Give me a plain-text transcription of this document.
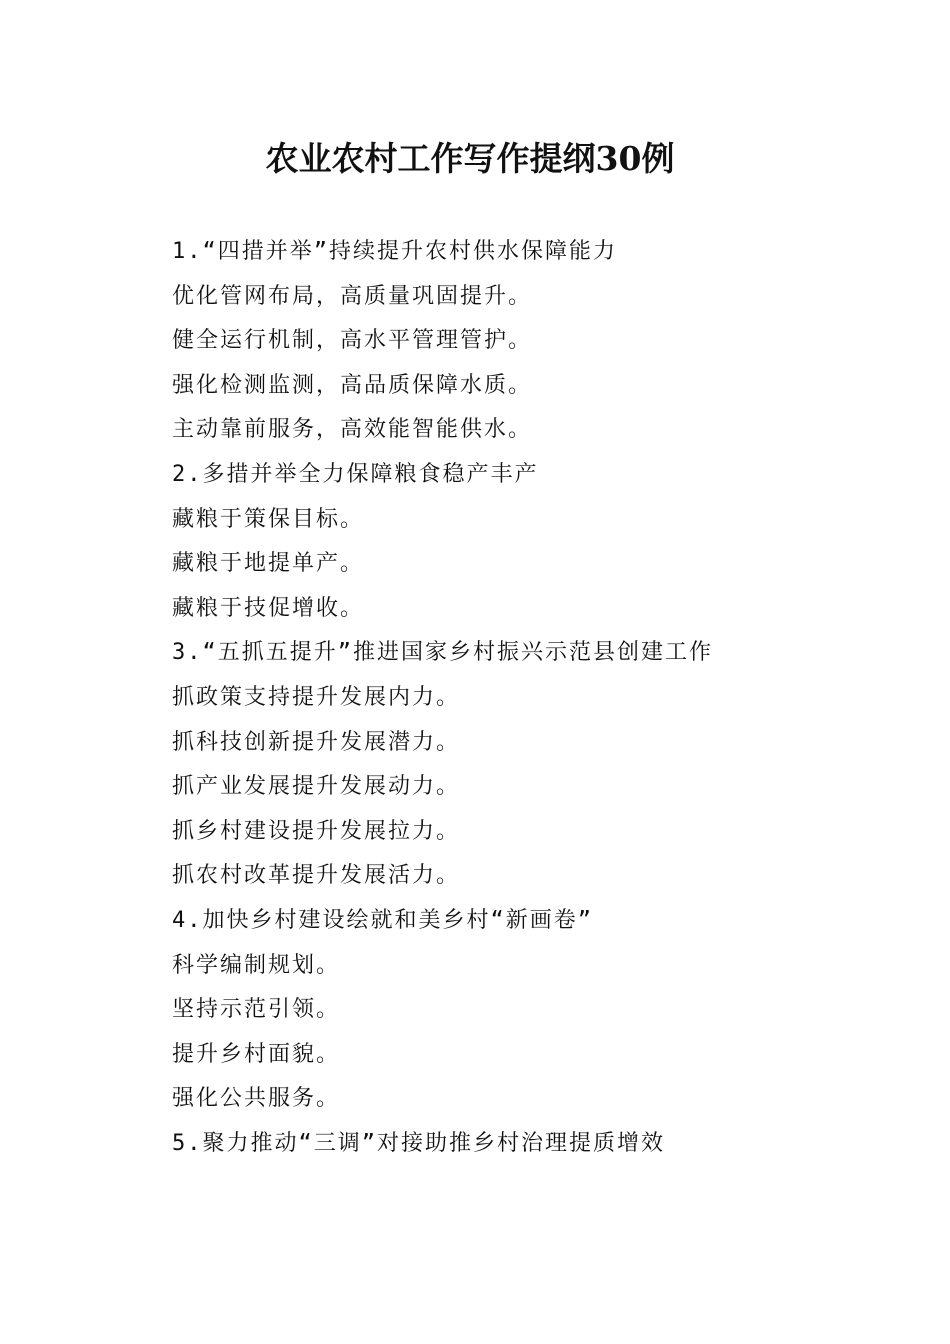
农业农村工作写作提纲30例
1.“四措并举”持续提升农村供水保障能力
优化管网布局，高质量巩固提升。
健全运行机制，高水平管理管护。
强化检测监测，高品质保障水质。
主动靠前服务，高效能智能供水。
2.多措并举全力保障粮食稳产丰产
藏粮于策保目标。
藏粮于地提单产。
藏粮于技促增收。
3.“五抓五提升”推进国家乡村振兴示范县创建工作
抓政策支持提升发展内力。
抓科技创新提升发展潜力。
抓产业发展提升发展动力。
抓乡村建设提升发展拉力。
抓农村改革提升发展活力。
4.加快乡村建设绘就和美乡村“新画卷”
科学编制规划。
坚持示范引领。
提升乡村面貌。
强化公共服务。
5.聚力推动“三调”对接助推乡村治理提质增效
